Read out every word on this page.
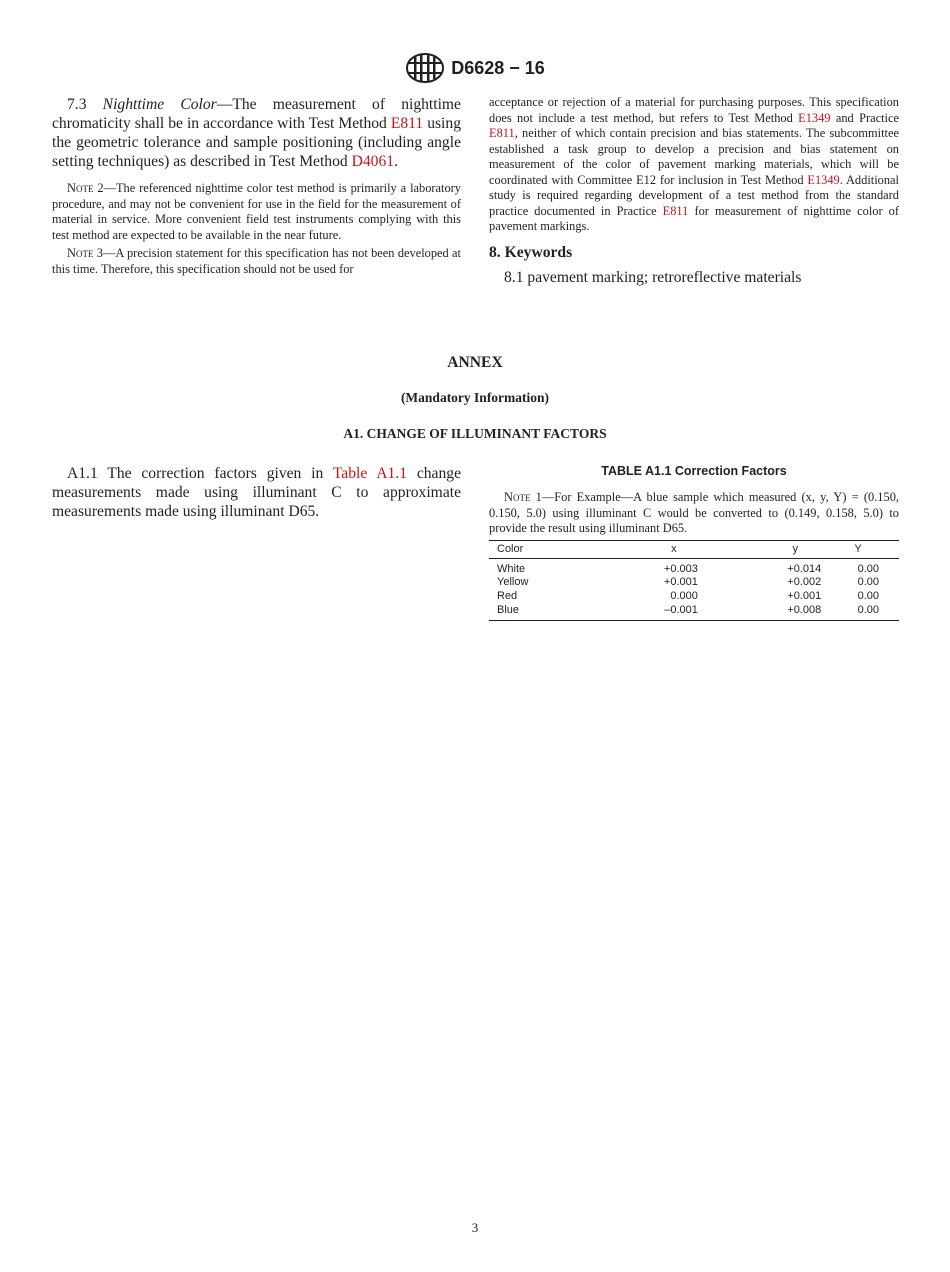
D6628 − 16

7.3 Nighttime Color—The measurement of nighttime chromaticity shall be in accordance with Test Method E811 using the geometric tolerance and sample positioning (including angle setting techniques) as described in Test Method D4061.

Note 2—The referenced nighttime color test method is primarily a laboratory procedure, and may not be convenient for use in the field for the measurement of material in service. More convenient field test instruments complying with this test method are expected to be available in the near future.

Note 3—A precision statement for this specification has not been developed at this time. Therefore, this specification should not be used for

acceptance or rejection of a material for purchasing purposes. This specification does not include a test method, but refers to Test Method E1349 and Practice E811, neither of which contain precision and bias statements. The subcommittee established a task group to develop a precision and bias statement on measurement of the color of pavement marking materials, which will be coordinated with Committee E12 for inclusion in Test Method E1349. Additional study is required regarding development of a test method from the standard practice documented in Practice E811 for measurement of nighttime color of pavement markings.

8. Keywords

8.1 pavement marking; retroreflective materials

ANNEX

(Mandatory Information)

A1. CHANGE OF ILLUMINANT FACTORS

A1.1 The correction factors given in Table A1.1 change measurements made using illuminant C to approximate measurements made using illuminant D65.

TABLE A1.1 Correction Factors

Note 1—For Example—A blue sample which measured (x, y, Y) = (0.150, 0.150, 5.0) using illuminant C would be converted to (0.149, 0.158, 5.0) to provide the result using illuminant D65.

Color	x	y	Y
White	+0.003	+0.014	0.00
Yellow	+0.001	+0.002	0.00
Red	0.000	+0.001	0.00
Blue	–0.001	+0.008	0.00
3
